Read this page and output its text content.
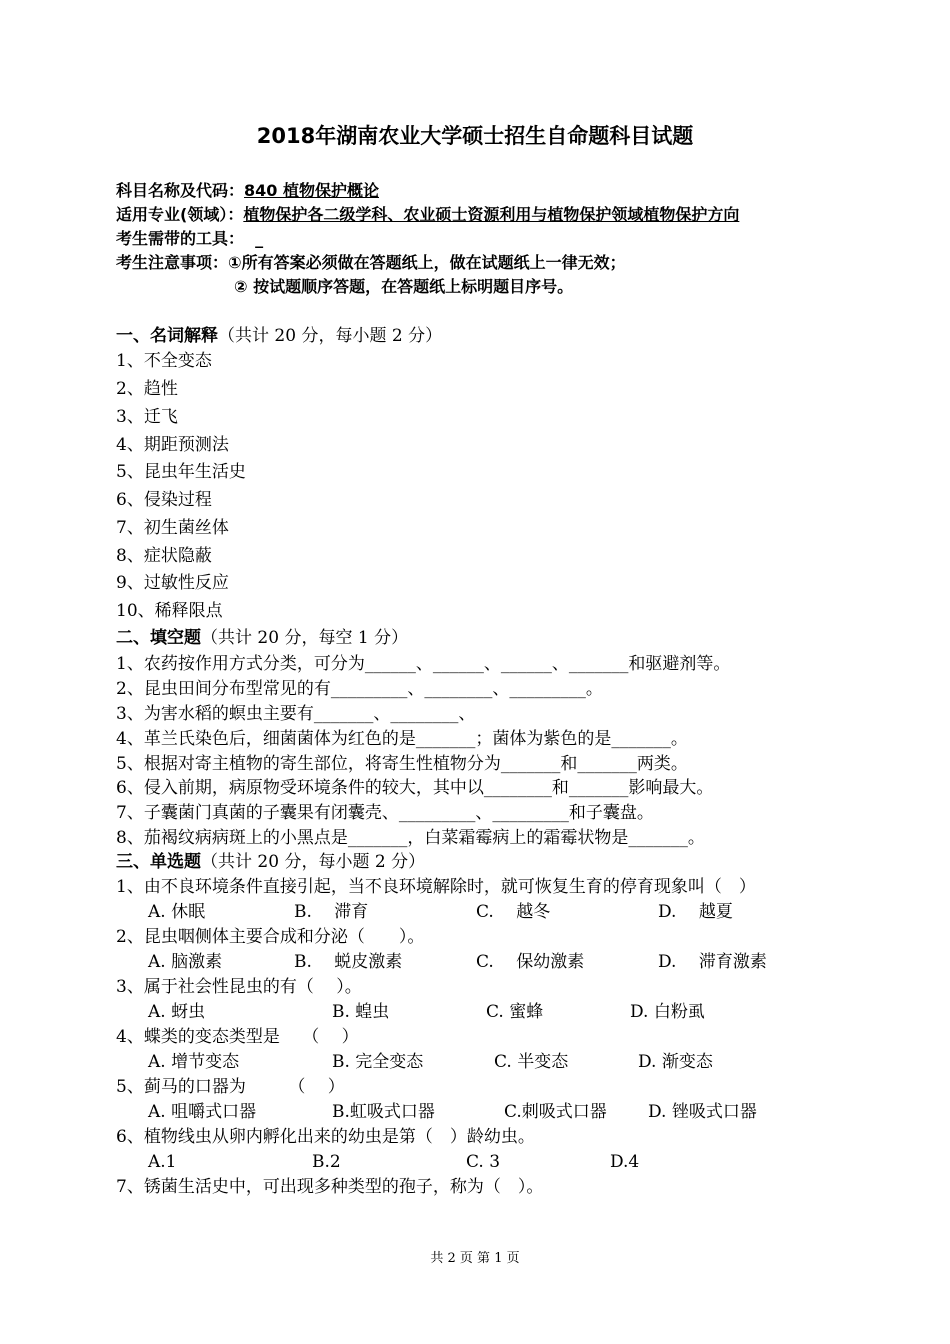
2018年湖南农业大学硕士招生自命题科目试题
科目名称及代码：840 植物保护概论
适用专业(领域）：植物保护各二级学科、农业硕士资源利用与植物保护领域植物保护方向
考生需带的工具： _
考生注意事项：①所有答案必须做在答题纸上，做在试题纸上一律无效；
② 按试题顺序答题，在答题纸上标明题目序号。
一、名词解释（共计 20 分，每小题 2 分）
1、不全变态
2、趋性
3、迁飞
4、期距预测法
5、昆虫年生活史
6、侵染过程
7、初生菌丝体
8、症状隐蔽
9、过敏性反应
10、稀释限点
二、填空题（共计 20 分，每空 1 分）
1、农药按作用方式分类，可分为______、______、______、_______和驱避剂等。
2、昆虫田间分布型常见的有_________、________、_________。
3、为害水稻的螟虫主要有_______、________、
4、革兰氏染色后，细菌菌体为红色的是_______；菌体为紫色的是_______。
5、根据对寄主植物的寄生部位，将寄生性植物分为_______和_______两类。
6、侵入前期，病原物受环境条件的较大，其中以________和_______影响最大。
7、子囊菌门真菌的子囊果有闭囊壳、_________、_________和子囊盘。
8、茄褐纹病病斑上的小黑点是_______，白菜霜霉病上的霜霉状物是_______。
三、单选题（共计 20 分，每小题 2 分）
1、由不良环境条件直接引起，当不良环境解除时，就可恢复生育的停育现象叫（　）
A. 休眠	B.　 滞育	C.　 越冬	D.　 越夏
2、昆虫咽侧体主要合成和分泌（　　）。
A. 脑激素	B.　 蜕皮激素	C.　 保幼激素	D.　 滞育激素
3、属于社会性昆虫的有（　 ）。
A. 蚜虫	B. 蝗虫	C. 蜜蜂	D. 白粉虱
4、蝶类的变态类型是　 （　 ）
A. 增节变态	B. 完全变态	C. 半变态	D. 渐变态
5、蓟马的口器为　　　（　 ）
A. 咀嚼式口器	B.虹吸式口器	C.刺吸式口器 D. 锉吸式口器
6、植物线虫从卵内孵化出来的幼虫是第（　）龄幼虫。
A.1	B.2	C. 3	D.4
7、锈菌生活史中，可出现多种类型的孢子，称为（　）。
共 2 页 第 1 页
